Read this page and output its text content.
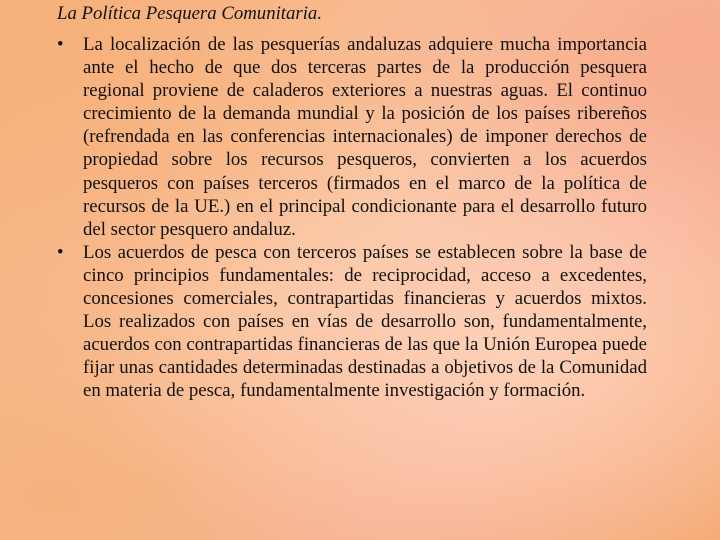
La Política Pesquera Comunitaria.
•	La localización de las pesquerías andaluzas adquiere mucha importancia ante el hecho de que dos terceras partes de la producción pesquera regional proviene de caladeros exteriores a nuestras aguas. El continuo crecimiento de la demanda mundial y la posición de los países ribereños (refrendada en las conferencias internacionales) de imponer derechos de propiedad sobre los recursos pesqueros, convierten a los acuerdos pesqueros con países terceros (firmados en el marco de la política de recursos de la UE.) en el principal condicionante para el desarrollo futuro del sector pesquero andaluz.
•	Los acuerdos de pesca con terceros países se establecen sobre la base de cinco principios fundamentales: de reciprocidad, acceso a excedentes, concesiones comerciales, contrapartidas financieras y acuerdos mixtos. Los realizados con países en vías de desarrollo son, fundamentalmente, acuerdos con contrapartidas financieras de las que la Unión Europea puede fijar unas cantidades determinadas destinadas a objetivos de la Comunidad en materia de pesca, fundamentalmente investigación y formación.
